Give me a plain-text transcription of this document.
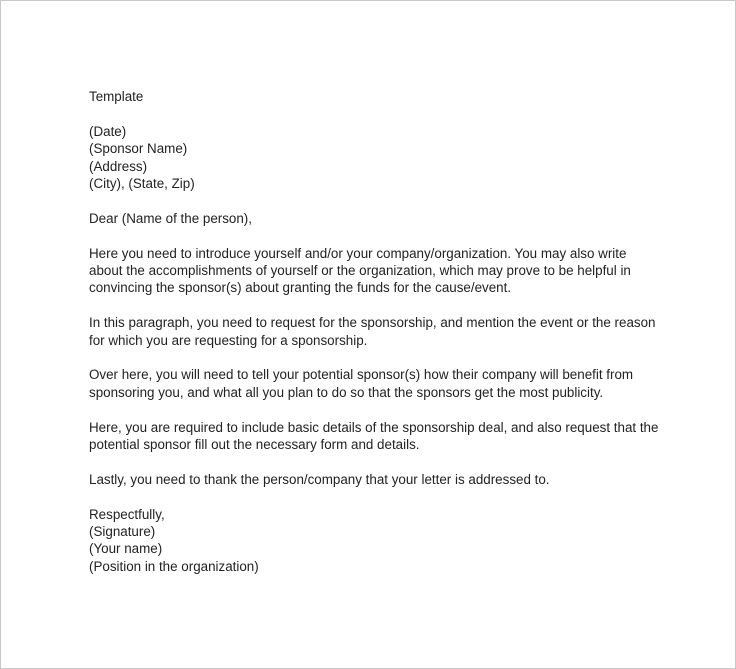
Template

(Date)
(Sponsor Name)
(Address)
(City), (State, Zip)

Dear (Name of the person),

Here you need to introduce yourself and/or your company/organization. You may also write
about the accomplishments of yourself or the organization, which may prove to be helpful in
convincing the sponsor(s) about granting the funds for the cause/event.

In this paragraph, you need to request for the sponsorship, and mention the event or the reason
for which you are requesting for a sponsorship.

Over here, you will need to tell your potential sponsor(s) how their company will benefit from
sponsoring you, and what all you plan to do so that the sponsors get the most publicity.

Here, you are required to include basic details of the sponsorship deal, and also request that the
potential sponsor fill out the necessary form and details.

Lastly, you need to thank the person/company that your letter is addressed to.

Respectfully,
(Signature)
(Your name)
(Position in the organization)
